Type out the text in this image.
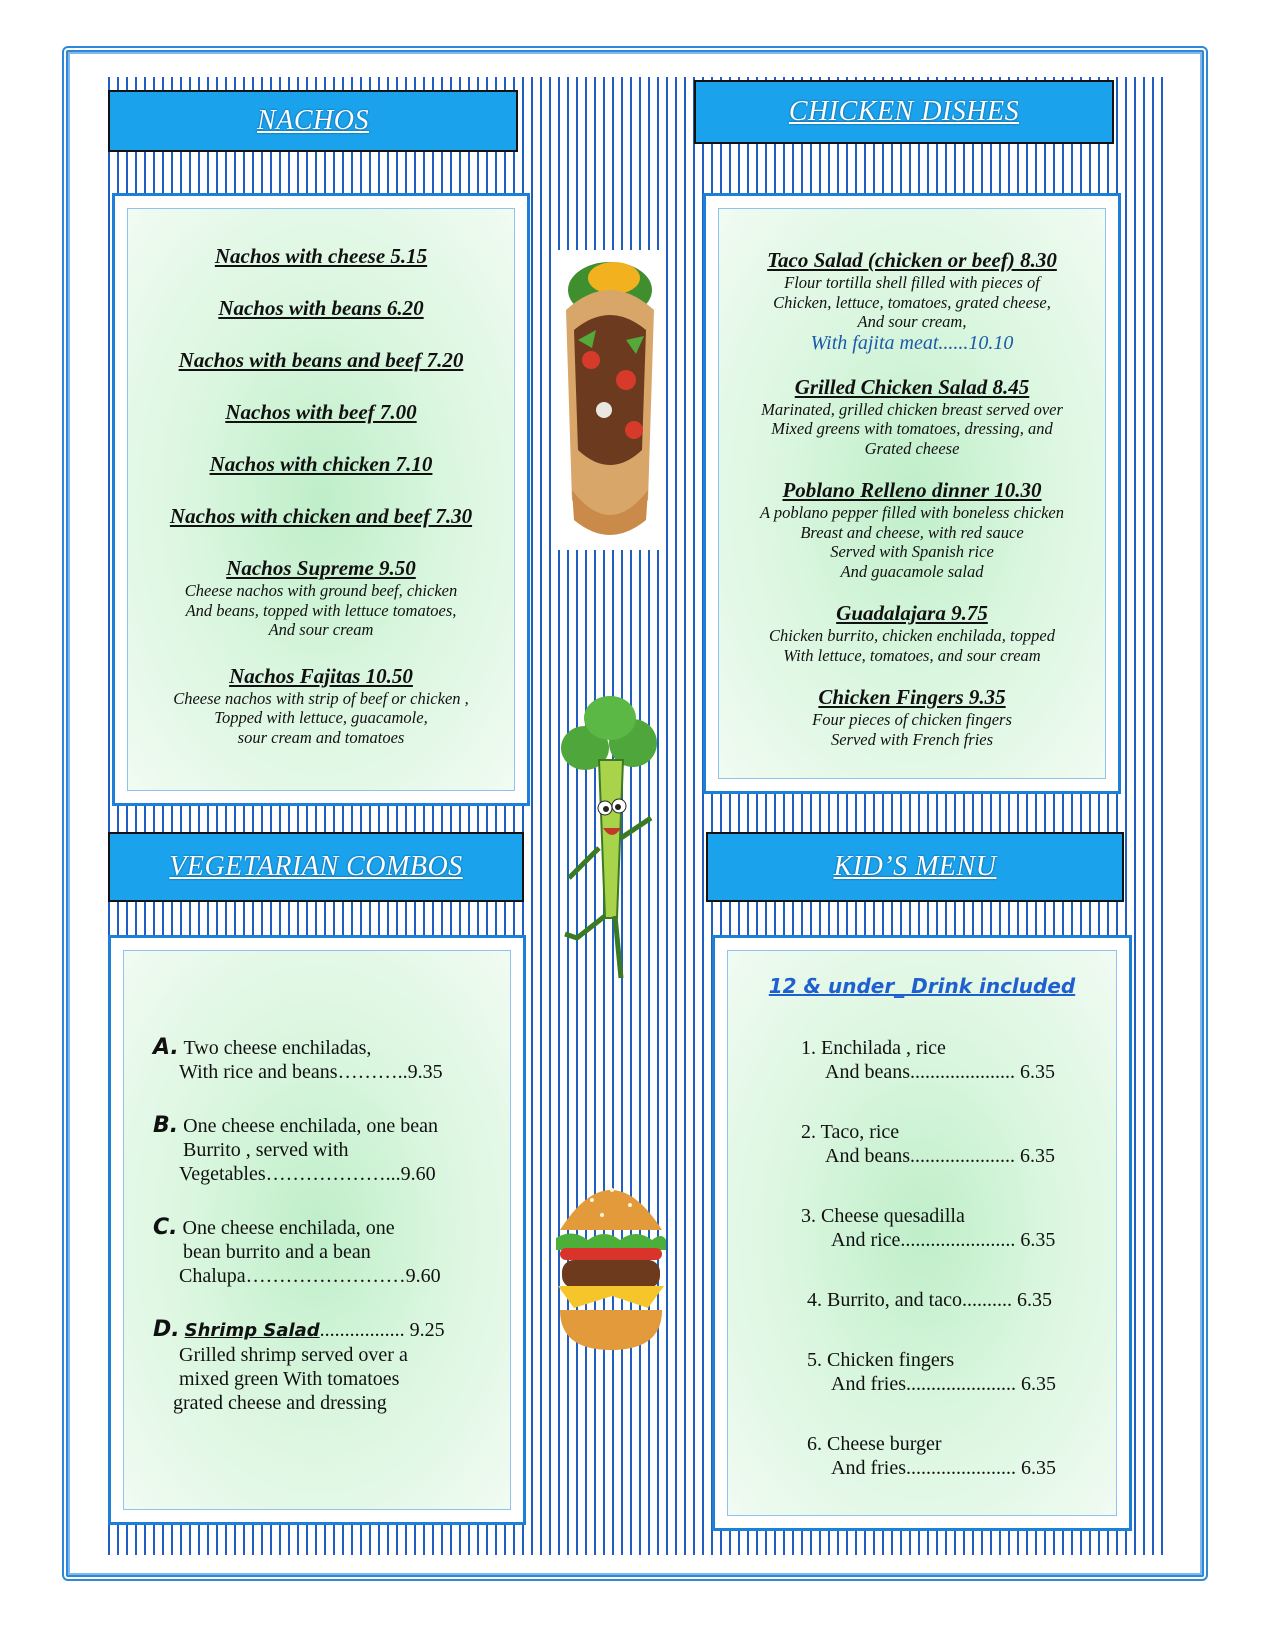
NACHOS	CHICKEN DISHES
VEGETARIAN COMBOS	KID’S MENU
Nachos with cheese 5.15
Nachos with beans 6.20
Nachos with beans and beef 7.20
Nachos with beef 7.00
Nachos with chicken 7.10
Nachos with chicken and beef 7.30
Nachos Supreme 9.50
Cheese nachos with ground beef, chicken
And beans, topped with lettuce tomatoes,
And sour cream
Nachos Fajitas 10.50
Cheese nachos with strip of beef or chicken ,
Topped with lettuce, guacamole,
sour cream and tomatoes
Taco Salad (chicken or beef) 8.30
Flour tortilla shell filled with pieces of
Chicken, lettuce, tomatoes, grated cheese,
And sour cream,
With fajita meat......10.10
Grilled Chicken Salad 8.45
Marinated, grilled chicken breast served over
Mixed greens with tomatoes, dressing, and
Grated cheese
Poblano Relleno dinner 10.30
A poblano pepper filled with boneless chicken
Breast and cheese, with red sauce
Served with Spanish rice
And guacamole salad
Guadalajara 9.75
Chicken burrito, chicken enchilada, topped
With lettuce, tomatoes, and sour cream
Chicken Fingers 9.35
Four pieces of chicken fingers
Served with French fries
A. Two cheese enchiladas,
With rice and beans………..9.35
B. One cheese enchilada, one bean
Burrito , served with
Vegetables………………...9.60
C. One cheese enchilada, one
bean burrito and a bean
Chalupa……………………9.60
D. Shrimp Salad................. 9.25
Grilled shrimp served over a
mixed green With tomatoes
grated cheese and dressing
12 & under_ Drink included
1. Enchilada , rice
And beans..................... 6.35
2. Taco, rice
And beans..................... 6.35
3. Cheese quesadilla
And rice....................... 6.35
4. Burrito, and taco.......... 6.35
5. Chicken fingers
And fries...................... 6.35
6. Cheese burger
And fries...................... 6.35
